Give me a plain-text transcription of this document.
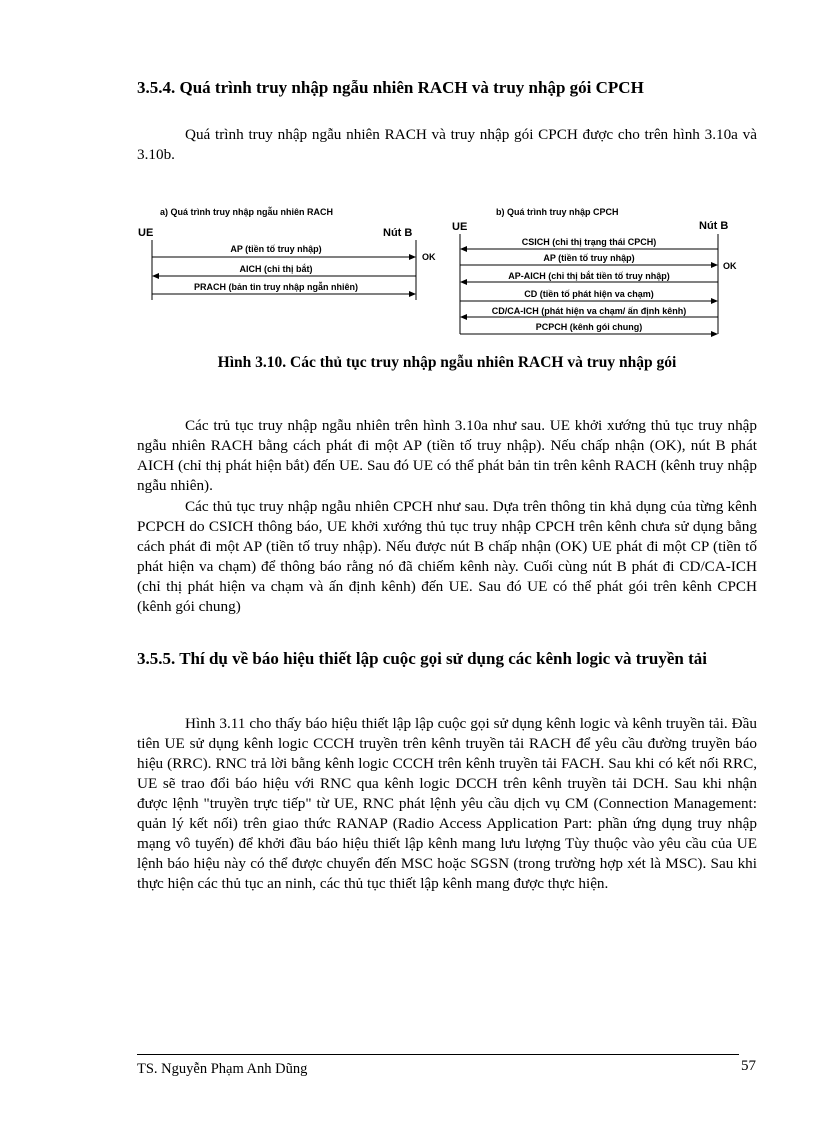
3.5.4. Quá trình truy nhập ngẫu nhiên RACH và truy nhập gói CPCH

Quá trình truy nhập ngẫu nhiên RACH và truy nhập gói CPCH được cho trên hình 3.10a và 3.10b.

a) Quá trình truy nhập ngẫu nhiên RACH
UE	Nút B
AP (tiền tố truy nhập)
OK
AICH (chỉ thị bắt)
PRACH (bản tin truy nhập ngẫn nhiên)
b) Quá trình truy nhập CPCH
UE	Nút B
CSICH (chỉ thị trạng thái CPCH)
AP (tiền tố truy nhập)
OK
AP-AICH (chỉ thị bắt tiền tố truy nhập)
CD (tiền tố phát hiện va chạm)
CD/CA-ICH (phát hiện va chạm/ ấn định kênh)
PCPCH (kênh gói chung)

Hình 3.10. Các thủ tục truy nhập ngẫu nhiên RACH và truy nhập gói

Các trủ tục truy nhập ngẫu nhiên trên hình 3.10a như sau. UE khởi xướng thủ tục truy nhập ngẫu nhiên RACH bằng cách phát đi một AP (tiền tố truy nhập). Nếu chấp nhận (OK), nút B phát AICH (chỉ thị phát hiện bắt) đến UE. Sau đó UE có thể phát bản tin trên kênh RACH (kênh truy nhập ngẫu nhiên).

Các thủ tục truy nhập ngẫu nhiên CPCH như sau. Dựa trên thông tin khả dụng của từng kênh PCPCH do CSICH thông báo, UE khởi xướng thủ tục truy nhập CPCH trên kênh chưa sử dụng bằng cách phát đi một AP (tiền tố truy nhập). Nếu được nút B chấp nhận (OK) UE phát đi một CP (tiền tố phát hiện va chạm) để thông báo rằng nó đã chiếm kênh này. Cuối cùng nút B phát đi CD/CA-ICH (chỉ thị phát hiện va chạm và ấn định kênh) đến UE. Sau đó UE có thể phát gói trên kênh CPCH (kênh gói chung)

3.5.5. Thí dụ về báo hiệu thiết lập cuộc gọi sử dụng các kênh logic và truyền tải

Hình 3.11 cho thấy báo hiệu thiết lập lập cuộc gọi sử dụng kênh logic và kênh truyền tải. Đầu tiên UE sử dụng kênh logic CCCH truyền trên kênh truyền tải RACH để yêu cầu đường truyền báo hiệu (RRC). RNC trả lời bằng kênh logic CCCH trên kênh truyền tải FACH. Sau khi có kết nối RRC, UE sẽ trao đổi báo hiệu với RNC qua kênh logic DCCH trên kênh truyền tải DCH. Sau khi nhận được lệnh "truyền trực tiếp" từ UE, RNC phát lệnh yêu cầu dịch vụ CM (Connection Management: quản lý kết nối) trên giao thức RANAP (Radio Access Application Part: phần ứng dụng truy nhập mạng vô tuyến) để khởi đầu báo hiệu thiết lập kênh mang lưu lượng Tùy thuộc vào yêu cầu của UE lệnh báo hiệu này có thể được chuyển đến MSC hoặc SGSN (trong trường hợp xét là MSC). Sau khi thực hiện các thủ tục an ninh, các thủ tục thiết lập kênh mang được thực hiện.

TS. Nguyễn Phạm Anh Dũng	57
